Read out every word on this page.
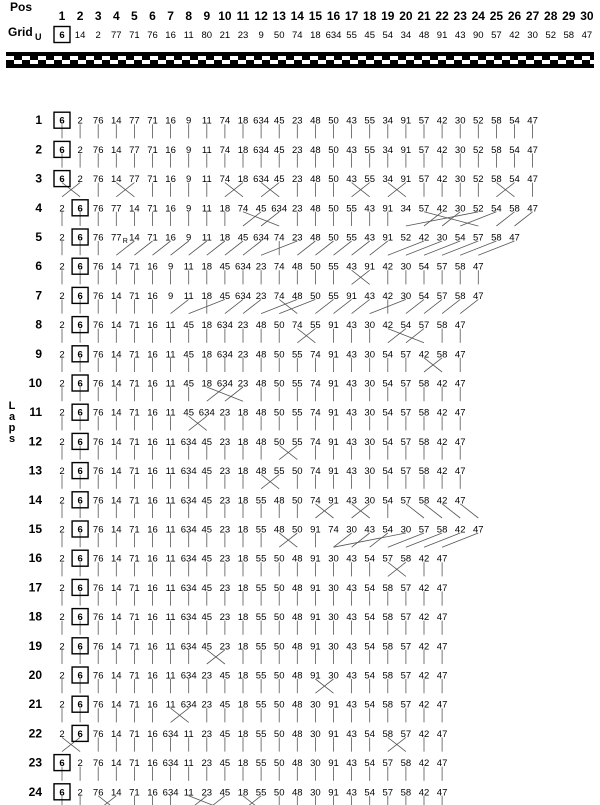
Pos
1 2 3 4 5 6 7 8 9 10 11 12 13 14 15 16 17 18 19 20 21 22 23 24 25 26 27 28 29 30
Grid U 6 14 2 77 71 76 16 11 80 21 23 9 50 74 18 634 55 45 54 34 48 91 43 90 57 42 30 52 58 47
L
a
p
s
1 6 2 76 14 77 71 16 9 11 74 18 634 45 23 48 50 43 55 34 91 57 42 30 52 58 54 47
2 6 2 76 14 77 71 16 9 11 74 18 634 45 23 48 50 43 55 34 91 57 42 30 52 58 54 47
3 6 2 76 14 77 71 16 9 11 74 18 634 45 23 48 50 43 55 34 91 57 42 30 52 58 54 47
4 2 6 76 77 14 71 16 9 11 18 74 45 634 23 48 50 55 43 91 34 57 42 30 52 54 58 47
5 2 6 76 77 14 71 16 9 11 18 45 634 74 23 48 50 55 43 91 52 42 30 54 57 58 47
R
6 2 6 76 14 71 16 9 11 18 45 634 23 74 48 50 55 43 91 42 30 54 57 58 47
7 2 6 76 14 71 16 9 11 18 45 634 23 74 48 50 55 91 43 42 30 54 57 58 47
8 2 6 76 14 71 16 11 45 18 634 23 48 50 74 55 91 43 30 42 54 57 58 47
9 2 6 76 14 71 16 11 45 18 634 23 48 50 55 74 91 43 30 54 57 42 58 47
10 2 6 76 14 71 16 11 45 18 634 23 48 50 55 74 91 43 30 54 57 58 42 47
11 2 6 76 14 71 16 11 45 634 23 18 48 50 55 74 91 43 30 54 57 58 42 47
12 2 6 76 14 71 16 11 634 45 23 18 48 50 55 74 91 43 30 54 57 58 42 47
13 2 6 76 14 71 16 11 634 45 23 18 48 55 50 74 91 43 30 54 57 58 42 47
14 2 6 76 14 71 16 11 634 45 23 18 55 48 50 74 91 43 30 54 57 58 42 47
15 2 6 76 14 71 16 11 634 45 23 18 55 48 50 91 74 30 43 54 30 57 58 42 47
16 2 6 76 14 71 16 11 634 45 23 18 55 50 48 91 30 43 54 57 58 42 47
17 2 6 76 14 71 16 11 634 45 23 18 55 50 48 91 30 43 54 58 57 42 47
18 2 6 76 14 71 16 11 634 45 23 18 55 50 48 91 30 43 54 58 57 42 47
19 2 6 76 14 71 16 11 634 45 23 18 55 50 48 91 30 43 54 58 57 42 47
20 2 6 76 14 71 16 11 634 23 45 18 55 50 48 91 30 43 54 58 57 42 47
21 2 6 76 14 71 16 11 634 23 45 18 55 50 48 30 91 43 54 58 57 42 47
22 2 6 76 14 71 16 634 11 23 45 18 55 50 48 30 91 43 54 58 57 42 47
23 6 2 76 14 71 16 634 11 23 45 18 55 50 48 30 91 43 54 57 58 42 47
24 6 2 76 14 71 16 634 11 23 45 18 55 50 48 30 91 43 54 57 58 42 47
